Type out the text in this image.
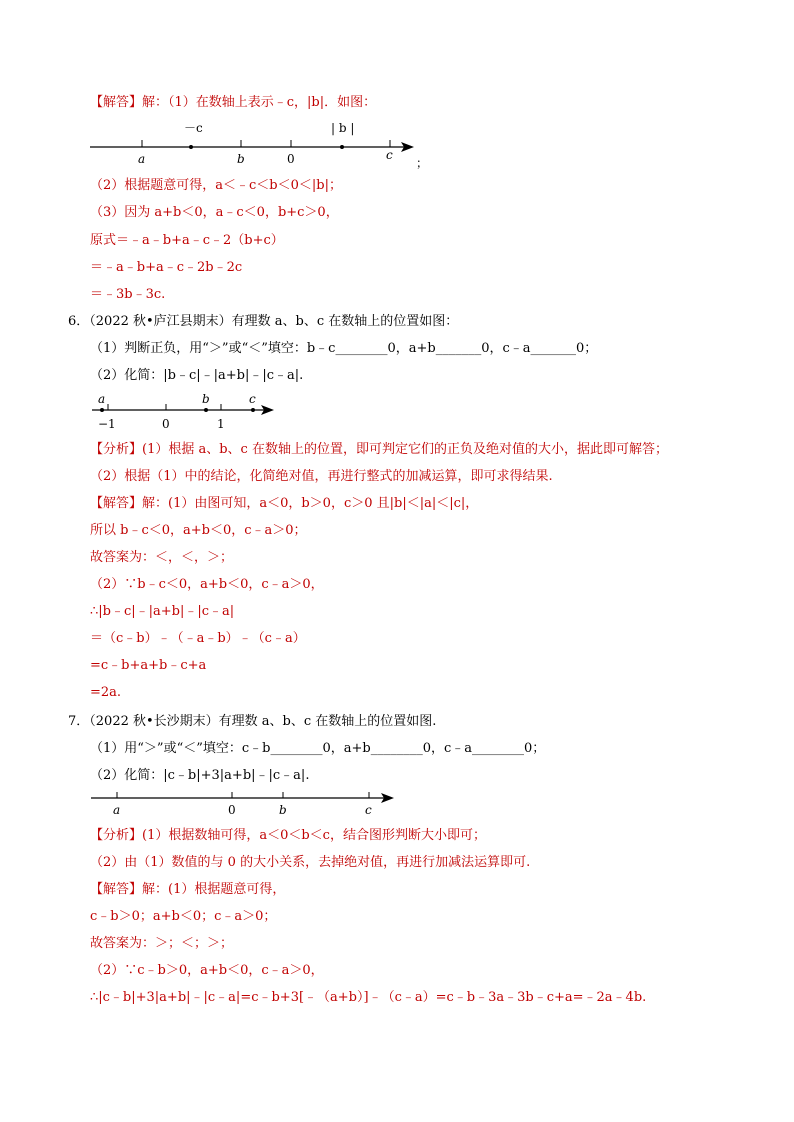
【解答】解：（1）在数轴上表示﹣c，|b|．如图：
－c	| b |
a	b	0	c
；
（2）根据题意可得，a＜﹣c＜b＜0＜|b|；
（3）因为 a+b＜0，a﹣c＜0，b+c＞0，
原式＝﹣a﹣b+a﹣c﹣2（b+c）
＝﹣a﹣b+a﹣c﹣2b﹣2c
＝﹣3b﹣3c.
6．（2022 秋•庐江县期末）有理数 a、b、c 在数轴上的位置如图：
（1）判断正负，用“＞”或“＜”填空：b﹣c________0，a+b_______0，c﹣a_______0；
（2）化简：|b﹣c|﹣|a+b|﹣|c﹣a|.
a	b	c
−1	0	1
【分析】(1）根据 a、b、c 在数轴上的位置，即可判定它们的正负及绝对值的大小，据此即可解答；
（2）根据（1）中的结论，化简绝对值，再进行整式的加减运算，即可求得结果.
【解答】解：(1）由图可知，a＜0，b＞0，c＞0 且|b|＜|a|＜|c|，
所以 b﹣c＜0，a+b＜0，c﹣a＞0；
故答案为：＜，＜，＞；
（2）∵b﹣c＜0，a+b＜0，c﹣a＞0，
∴|b﹣c|﹣|a+b|﹣|c﹣a|
＝（c﹣b）﹣（﹣a﹣b）﹣（c﹣a）
=c﹣b+a+b﹣c+a
=2a.
7．（2022 秋•长沙期末）有理数 a、b、c 在数轴上的位置如图.
（1）用“＞”或“＜”填空：c﹣b________0，a+b________0，c﹣a________0；
（2）化简：|c﹣b|+3|a+b|﹣|c﹣a|.
a	0	b	c
【分析】(1）根据数轴可得，a＜0＜b＜c，结合图形判断大小即可；
（2）由（1）数值的与 0 的大小关系，去掉绝对值，再进行加减法运算即可.
【解答】解：(1）根据题意可得，
c﹣b＞0；a+b＜0；c﹣a＞0；
故答案为：＞；＜；＞；
（2）∵c﹣b＞0，a+b＜0，c﹣a＞0，
∴|c﹣b|+3|a+b|﹣|c﹣a|=c﹣b+3[﹣（a+b）]﹣（c﹣a）=c﹣b﹣3a﹣3b﹣c+a=﹣2a﹣4b.
